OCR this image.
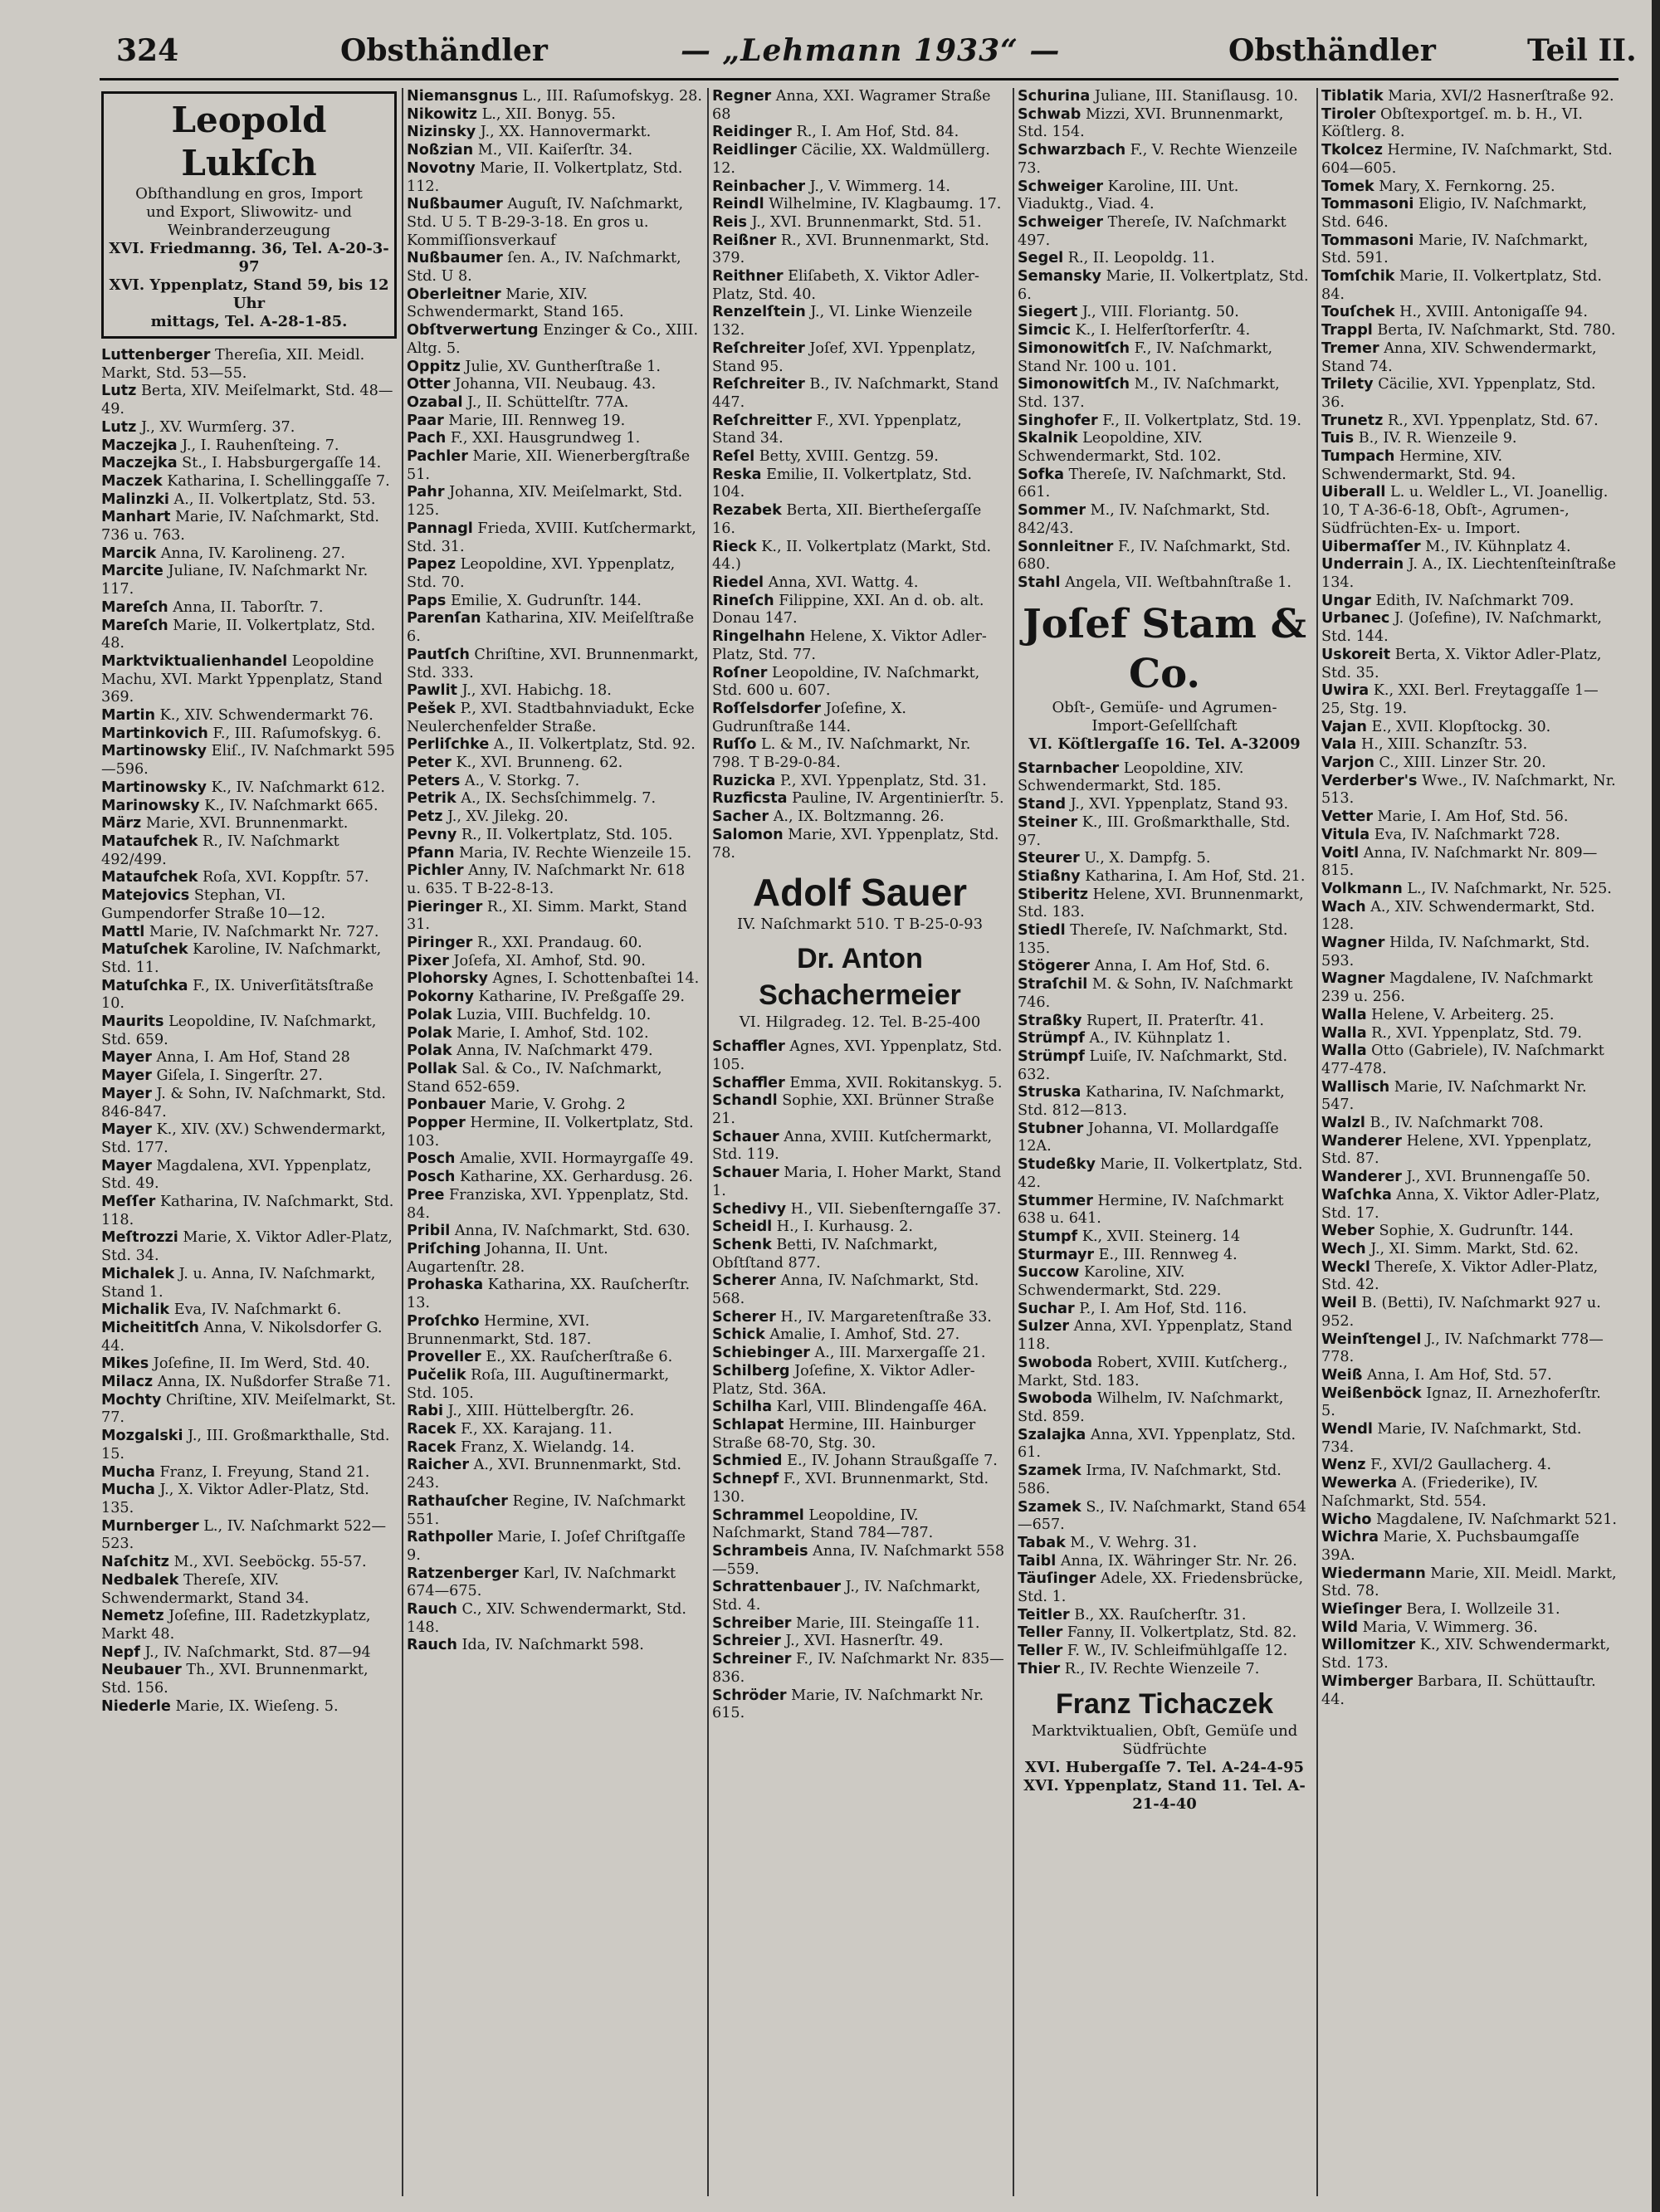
324	Obsthändler	— „Lehmann 1933“ —	Obsthändler	Teil II.
Leopold Lukſch
Obſthandlung en gros, Import
und Export, Sliwowitz- und
Weinbranderzeugung
XVI. Friedmanng. 36, Tel. A-20-3-97
XVI. Yppenplatz, Stand 59, bis 12 Uhr
mittags, Tel. A-28-1-85.

Luttenberger Thereſia, XII. Meidl. Markt, Std. 53—55.

Lutz Berta, XIV. Meiſelmarkt, Std. 48—49.

Lutz J., XV. Wurmſerg. 37.

Maczejka J., I. Rauhenſteing. 7.

Maczejka St., I. Habsburgergaſſe 14.

Maczek Katharina, I. Schellinggaſſe 7.

Malinzki A., II. Volkertplatz, Std. 53.

Manhart Marie, IV. Naſchmarkt, Std. 736 u. 763.

Marcik Anna, IV. Karolineng. 27.

Marcite Juliane, IV. Naſchmarkt Nr. 117.

Mareſch Anna, II. Taborſtr. 7.

Mareſch Marie, II. Volkertplatz, Std. 48.

Marktviktualienhandel Leopoldine Machu, XVI. Markt Yppenplatz, Stand 369.

Martin K., XIV. Schwendermarkt 76.

Martinkovich F., III. Raſumofskyg. 6.

Martinowsky Eliſ., IV. Naſchmarkt 595—596.

Martinowsky K., IV. Naſchmarkt 612.

Marinowsky K., IV. Naſchmarkt 665.

März Marie, XVI. Brunnenmarkt.

Mataufchek R., IV. Naſchmarkt 492/499.

Mataufchek Roſa, XVI. Koppſtr. 57.

Matejovics Stephan, VI. Gumpendorfer Straße 10—12.

Mattl Marie, IV. Naſchmarkt Nr. 727.

Matuſchek Karoline, IV. Naſchmarkt, Std. 11.

Matuſchka F., IX. Univerſitätsſtraße 10.

Maurits Leopoldine, IV. Naſchmarkt, Std. 659.

Mayer Anna, I. Am Hof, Stand 28

Mayer Giſela, I. Singerſtr. 27.

Mayer J. & Sohn, IV. Naſchmarkt, Std. 846-847.

Mayer K., XIV. (XV.) Schwendermarkt, Std. 177.

Mayer Magdalena, XVI. Yppenplatz, Std. 49.

Meſſer Katharina, IV. Naſchmarkt, Std. 118.

Meſtrozzi Marie, X. Viktor Adler-Platz, Std. 34.

Michalek J. u. Anna, IV. Naſchmarkt, Stand 1.

Michalik Eva, IV. Naſchmarkt 6.

Micheititſch Anna, V. Nikolsdorfer G. 44.

Mikes Joſefine, II. Im Werd, Std. 40.

Milacz Anna, IX. Nußdorfer Straße 71.

Mochty Chriſtine, XIV. Meiſelmarkt, St. 77.

Mozgalski J., III. Großmarkthalle, Std. 15.

Mucha Franz, I. Freyung, Stand 21.

Mucha J., X. Viktor Adler-Platz, Std. 135.

Murnberger L., IV. Naſchmarkt 522—523.

Naſchitz M., XVI. Seeböckg. 55-57.

Nedbalek Thereſe, XIV. Schwendermarkt, Stand 34.

Nemetz Joſefine, III. Radetzkyplatz, Markt 48.

Nepf J., IV. Naſchmarkt, Std. 87—94

Neubauer Th., XVI. Brunnenmarkt, Std. 156.

Niederle Marie, IX. Wieſeng. 5.

Niemansgnus L., III. Raſumofskyg. 28.

Nikowitz L., XII. Bonyg. 55.

Nizinsky J., XX. Hannovermarkt.

Noßzian M., VII. Kaiſerſtr. 34.

Novotny Marie, II. Volkertplatz, Std. 112.

Nußbaumer Auguſt, IV. Naſchmarkt, Std. U 5. T B-29-3-18. En gros u. Kommiſſionsverkauf

Nußbaumer ſen. A., IV. Naſchmarkt, Std. U 8.

Oberleitner Marie, XIV. Schwendermarkt, Stand 165.

Obſtverwertung Enzinger & Co., XIII. Altg. 5.

Oppitz Julie, XV. Guntherſtraße 1.

Otter Johanna, VII. Neubaug. 43.

Ozabal J., II. Schüttelſtr. 77A.

Paar Marie, III. Rennweg 19.

Pach F., XXI. Hausgrundweg 1.

Pachler Marie, XII. Wienerbergſtraße 51.

Pahr Johanna, XIV. Meiſelmarkt, Std. 125.

Pannagl Frieda, XVIII. Kutſchermarkt, Std. 31.

Papez Leopoldine, XVI. Yppenplatz, Std. 70.

Paps Emilie, X. Gudrunſtr. 144.

Parenſan Katharina, XIV. Meiſelſtraße 6.

Pautſch Chriſtine, XVI. Brunnenmarkt, Std. 333.

Pawlit J., XVI. Habichg. 18.

Pešek P., XVI. Stadtbahnviadukt, Ecke Neulerchenfelder Straße.

Perliſchke A., II. Volkertplatz, Std. 92.

Peter K., XVI. Brunneng. 62.

Peters A., V. Storkg. 7.

Petrik A., IX. Sechsſchimmelg. 7.

Petz J., XV. Jilekg. 20.

Pevny R., II. Volkertplatz, Std. 105.

Pfann Maria, IV. Rechte Wienzeile 15.

Pichler Anny, IV. Naſchmarkt Nr. 618 u. 635. T B-22-8-13.

Pieringer R., XI. Simm. Markt, Stand 31.

Piringer R., XXI. Prandaug. 60.

Pixer Joſefa, XI. Amhof, Std. 90.

Plohorsky Agnes, I. Schottenbaſtei 14.

Pokorny Katharine, IV. Preßgaſſe 29.

Polak Luzia, VIII. Buchfeldg. 10.

Polak Marie, I. Amhof, Std. 102.

Polak Anna, IV. Naſchmarkt 479.

Pollak Sal. & Co., IV. Naſchmarkt, Stand 652-659.

Ponbauer Marie, V. Grohg. 2

Popper Hermine, II. Volkertplatz, Std. 103.

Posch Amalie, XVII. Hormayrgaſſe 49.

Posch Katharine, XX. Gerhardusg. 26.

Pree Franziska, XVI. Yppenplatz, Std. 84.

Pribil Anna, IV. Naſchmarkt, Std. 630.

Priſching Johanna, II. Unt. Augartenſtr. 28.

Prohaska Katharina, XX. Rauſcherſtr. 13.

Proſchko Hermine, XVI. Brunnenmarkt, Std. 187.

Proveller E., XX. Rauſcherſtraße 6.

Pučelik Roſa, III. Auguſtinermarkt, Std. 105.

Rabi J., XIII. Hüttelbergſtr. 26.

Racek F., XX. Karajang. 11.

Racek Franz, X. Wielandg. 14.

Raicher A., XVI. Brunnenmarkt, Std. 243.

Rathauſcher Regine, IV. Naſchmarkt 551.

Rathpoller Marie, I. Joſef Chriſtgaſſe 9.

Ratzenberger Karl, IV. Naſchmarkt 674—675.

Rauch C., XIV. Schwendermarkt, Std. 148.

Rauch Ida, IV. Naſchmarkt 598.

Regner Anna, XXI. Wagramer Straße 68

Reidinger R., I. Am Hof, Std. 84.

Reidlinger Cäcilie, XX. Waldmüllerg. 12.

Reinbacher J., V. Wimmerg. 14.

Reindl Wilhelmine, IV. Klagbaumg. 17.

Reis J., XVI. Brunnenmarkt, Std. 51.

Reißner R., XVI. Brunnenmarkt, Std. 379.

Reithner Eliſabeth, X. Viktor Adler-Platz, Std. 40.

Renzelſtein J., VI. Linke Wienzeile 132.

Reſchreiter Joſef, XVI. Yppenplatz, Stand 95.

Reſchreiter B., IV. Naſchmarkt, Stand 447.

Reſchreitter F., XVI. Yppenplatz, Stand 34.

Reſel Betty, XVIII. Gentzg. 59.

Reska Emilie, II. Volkertplatz, Std. 104.

Rezabek Berta, XII. Biertheſergaſſe 16.

Rieck K., II. Volkertplatz (Markt, Std. 44.)

Riedel Anna, XVI. Wattg. 4.

Rineſch Filippine, XXI. An d. ob. alt. Donau 147.

Ringelhahn Helene, X. Viktor Adler-Platz, Std. 77.

Roſner Leopoldine, IV. Naſchmarkt, Std. 600 u. 607.

Roſſelsdorfer Joſefine, X. Gudrunſtraße 144.

Ruſſo L. & M., IV. Naſchmarkt, Nr. 798. T B-29-0-84.

Ruzicka P., XVI. Yppenplatz, Std. 31.

Ruzficsta Pauline, IV. Argentinierſtr. 5.

Sacher A., IX. Boltzmanng. 26.

Salomon Marie, XVI. Yppenplatz, Std. 78.

Adolf Sauer
IV. Naſchmarkt 510. T B-25-0-93
Dr. Anton Schachermeier
VI. Hilgradeg. 12. Tel. B-25-400

Schaffler Agnes, XVI. Yppenplatz, Std. 105.

Schaffler Emma, XVII. Rokitanskyg. 5.

Schandl Sophie, XXI. Brünner Straße 21.

Schauer Anna, XVIII. Kutſchermarkt, Std. 119.

Schauer Maria, I. Hoher Markt, Stand 1.

Schedivy H., VII. Siebenſterngaſſe 37.

Scheidl H., I. Kurhausg. 2.

Schenk Betti, IV. Naſchmarkt, Obſtſtand 877.

Scherer Anna, IV. Naſchmarkt, Std. 568.

Scherer H., IV. Margaretenſtraße 33.

Schick Amalie, I. Amhof, Std. 27.

Schiebinger A., III. Marxergaſſe 21.

Schilberg Joſefine, X. Viktor Adler-Platz, Std. 36A.

Schilha Karl, VIII. Blindengaſſe 46A.

Schlapat Hermine, III. Hainburger Straße 68-70, Stg. 30.

Schmied E., IV. Johann Straußgaſſe 7.

Schnepf F., XVI. Brunnenmarkt, Std. 130.

Schrammel Leopoldine, IV. Naſchmarkt, Stand 784—787.

Schrambeis Anna, IV. Naſchmarkt 558—559.

Schrattenbauer J., IV. Naſchmarkt, Std. 4.

Schreiber Marie, III. Steingaſſe 11.

Schreier J., XVI. Hasnerſtr. 49.

Schreiner F., IV. Naſchmarkt Nr. 835—836.

Schröder Marie, IV. Naſchmarkt Nr. 615.

Schurina Juliane, III. Staniſlausg. 10.

Schwab Mizzi, XVI. Brunnenmarkt, Std. 154.

Schwarzbach F., V. Rechte Wienzeile 73.

Schweiger Karoline, III. Unt. Viaduktg., Viad. 4.

Schweiger Thereſe, IV. Naſchmarkt 497.

Segel R., II. Leopoldg. 11.

Semansky Marie, II. Volkertplatz, Std. 6.

Siegert J., VIII. Floriantg. 50.

Simcic K., I. Helferſtorferſtr. 4.

Simonowitſch F., IV. Naſchmarkt, Stand Nr. 100 u. 101.

Simonowitſch M., IV. Naſchmarkt, Std. 137.

Singhofer F., II. Volkertplatz, Std. 19.

Skalnik Leopoldine, XIV. Schwendermarkt, Std. 102.

Sofka Thereſe, IV. Naſchmarkt, Std. 661.

Sommer M., IV. Naſchmarkt, Std. 842/43.

Sonnleitner F., IV. Naſchmarkt, Std. 680.

Stahl Angela, VII. Weſtbahnſtraße 1.

Joſef Stam & Co.
Obſt-, Gemüſe- und Agrumen-
Import-Geſellſchaft
VI. Köſtlergaſſe 16. Tel. A-32009

Starnbacher Leopoldine, XIV. Schwendermarkt, Std. 185.

Stand J., XVI. Yppenplatz, Stand 93.

Steiner K., III. Großmarkthalle, Std. 97.

Steurer U., X. Dampfg. 5.

Stiaßny Katharina, I. Am Hof, Std. 21.

Stiberitz Helene, XVI. Brunnenmarkt, Std. 183.

Stiedl Thereſe, IV. Naſchmarkt, Std. 135.

Stögerer Anna, I. Am Hof, Std. 6.

Straſchil M. & Sohn, IV. Naſchmarkt 746.

Straßky Rupert, II. Praterſtr. 41.

Strümpf A., IV. Kühnplatz 1.

Strümpf Luiſe, IV. Naſchmarkt, Std. 632.

Struska Katharina, IV. Naſchmarkt, Std. 812—813.

Stubner Johanna, VI. Mollardgaſſe 12A.

Studeßky Marie, II. Volkertplatz, Std. 42.

Stummer Hermine, IV. Naſchmarkt 638 u. 641.

Stumpf K., XVII. Steinerg. 14

Sturmayr E., III. Rennweg 4.

Succow Karoline, XIV. Schwendermarkt, Std. 229.

Suchar P., I. Am Hof, Std. 116.

Sulzer Anna, XVI. Yppenplatz, Stand 118.

Swoboda Robert, XVIII. Kutſcherg., Markt, Std. 183.

Swoboda Wilhelm, IV. Naſchmarkt, Std. 859.

Szalajka Anna, XVI. Yppenplatz, Std. 61.

Szamek Irma, IV. Naſchmarkt, Std. 586.

Szamek S., IV. Naſchmarkt, Stand 654—657.

Tabak M., V. Wehrg. 31.

Taibl Anna, IX. Währinger Str. Nr. 26.

Täuſinger Adele, XX. Friedensbrücke, Std. 1.

Teitler B., XX. Rauſcherſtr. 31.

Teller Fanny, II. Volkertplatz, Std. 82.

Teller F. W., IV. Schleifmühlgaſſe 12.

Thier R., IV. Rechte Wienzeile 7.

Franz Tichaczek
Marktviktualien, Obſt, Gemüſe und
Südfrüchte
XVI. Hubergaſſe 7. Tel. A-24-4-95
XVI. Yppenplatz, Stand 11. Tel. A-21-4-40

Tiblatik Maria, XVI/2 Hasnerſtraße 92.

Tiroler Obſtexportgeſ. m. b. H., VI. Köſtlerg. 8.

Tkolcez Hermine, IV. Naſchmarkt, Std. 604—605.

Tomek Mary, X. Fernkorng. 25.

Tommasoni Eligio, IV. Naſchmarkt, Std. 646.

Tommasoni Marie, IV. Naſchmarkt, Std. 591.

Tomſchik Marie, II. Volkertplatz, Std. 84.

Touſchek H., XVIII. Antonigaſſe 94.

Trappl Berta, IV. Naſchmarkt, Std. 780.

Tremer Anna, XIV. Schwendermarkt, Stand 74.

Trilety Cäcilie, XVI. Yppenplatz, Std. 36.

Trunetz R., XVI. Yppenplatz, Std. 67.

Tuis B., IV. R. Wienzeile 9.

Tumpach Hermine, XIV. Schwendermarkt, Std. 94.

Uiberall L. u. Weldler L., VI. Joanellig. 10, T A-36-6-18, Obſt-, Agrumen-, Südfrüchten-Ex- u. Import.

Uibermaſſer M., IV. Kühnplatz 4.

Underrain J. A., IX. Liechtenſteinſtraße 134.

Ungar Edith, IV. Naſchmarkt 709.

Urbanec J. (Joſefine), IV. Naſchmarkt, Std. 144.

Uskoreit Berta, X. Viktor Adler-Platz, Std. 35.

Uwira K., XXI. Berl. Freytaggaſſe 1—25, Stg. 19.

Vajan E., XVII. Klopſtockg. 30.

Vala H., XIII. Schanzſtr. 53.

Varjon C., XIII. Linzer Str. 20.

Verderber's Wwe., IV. Naſchmarkt, Nr. 513.

Vetter Marie, I. Am Hof, Std. 56.

Vitula Eva, IV. Naſchmarkt 728.

Voitl Anna, IV. Naſchmarkt Nr. 809—815.

Volkmann L., IV. Naſchmarkt, Nr. 525.

Wach A., XIV. Schwendermarkt, Std. 128.

Wagner Hilda, IV. Naſchmarkt, Std. 593.

Wagner Magdalene, IV. Naſchmarkt 239 u. 256.

Walla Helene, V. Arbeiterg. 25.

Walla R., XVI. Yppenplatz, Std. 79.

Walla Otto (Gabriele), IV. Naſchmarkt 477-478.

Wallisch Marie, IV. Naſchmarkt Nr. 547.

Walzl B., IV. Naſchmarkt 708.

Wanderer Helene, XVI. Yppenplatz, Std. 87.

Wanderer J., XVI. Brunnengaſſe 50.

Waſchka Anna, X. Viktor Adler-Platz, Std. 17.

Weber Sophie, X. Gudrunſtr. 144.

Wech J., XI. Simm. Markt, Std. 62.

Weckl Thereſe, X. Viktor Adler-Platz, Std. 42.

Weil B. (Betti), IV. Naſchmarkt 927 u. 952.

Weinſtengel J., IV. Naſchmarkt 778—778.

Weiß Anna, I. Am Hof, Std. 57.

Weißenböck Ignaz, II. Arnezhoferſtr. 5.

Wendl Marie, IV. Naſchmarkt, Std. 734.

Wenz F., XVI/2 Gaullacherg. 4.

Wewerka A. (Friederike), IV. Naſchmarkt, Std. 554.

Wicho Magdalene, IV. Naſchmarkt 521.

Wichra Marie, X. Puchsbaumgaſſe 39A.

Wiedermann Marie, XII. Meidl. Markt, Std. 78.

Wieſinger Bera, I. Wollzeile 31.

Wild Maria, V. Wimmerg. 36.

Willomitzer K., XIV. Schwendermarkt, Std. 173.

Wimberger Barbara, II. Schüttauſtr. 44.
